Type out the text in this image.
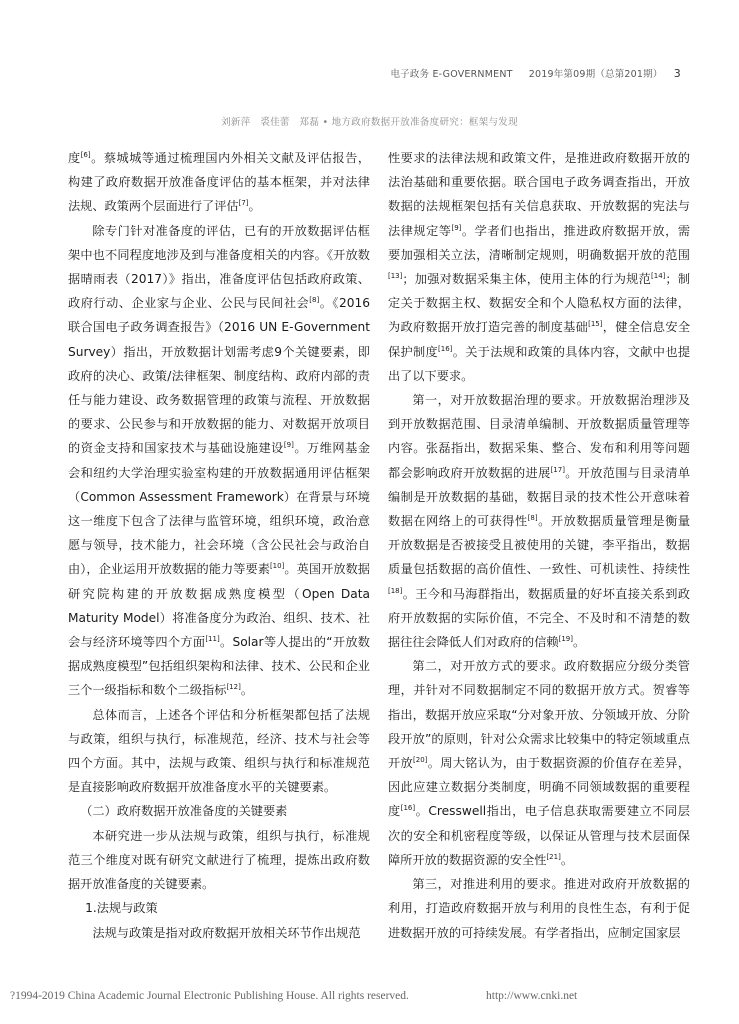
电子政务 E-GOVERNMENT 2019年第09期（总第201期） 3
刘新萍　裘佳蕾　郑磊 • 地方政府数据开放准备度研究：框架与发现

度[6]。蔡城城等通过梳理国内外相关文献及评估报告，构建了政府数据开放准备度评估的基本框架，并对法律法规、政策两个层面进行了评估[7]。

除专门针对准备度的评估，已有的开放数据评估框架中也不同程度地涉及到与准备度相关的内容。《开放数据晴雨表（2017）》指出，准备度评估包括政府政策、政府行动、企业家与企业、公民与民间社会[8]。《2016联合国电子政务调查报告》（2016 UN E-Government Survey）指出，开放数据计划需考虑9个关键要素，即政府的决心、政策/法律框架、制度结构、政府内部的责任与能力建设、政务数据管理的政策与流程、开放数据的要求、公民参与和开放数据的能力、对数据开放项目的资金支持和国家技术与基础设施建设[9]。万维网基金会和纽约大学治理实验室构建的开放数据通用评估框架（Common Assessment Framework）在背景与环境这一维度下包含了法律与监管环境，组织环境，政治意愿与领导，技术能力，社会环境（含公民社会与政治自由），企业运用开放数据的能力等要素[10]。英国开放数据研究院构建的开放数据成熟度模型（Open Data Maturity Model）将准备度分为政治、组织、技术、社会与经济环境等四个方面[11]。Solar等人提出的“开放数据成熟度模型”包括组织架构和法律、技术、公民和企业三个一级指标和数个二级指标[12]。

总体而言，上述各个评估和分析框架都包括了法规与政策，组织与执行，标准规范，经济、技术与社会等四个方面。其中，法规与政策、组织与执行和标准规范是直接影响政府数据开放准备度水平的关键要素。

（二）政府数据开放准备度的关键要素

本研究进一步从法规与政策，组织与执行，标准规范三个维度对既有研究文献进行了梳理，提炼出政府数据开放准备度的关键要素。

1.法规与政策

法规与政策是指对政府数据开放相关环节作出规范

性要求的法律法规和政策文件，是推进政府数据开放的法治基础和重要依据。联合国电子政务调查指出，开放数据的法规框架包括有关信息获取、开放数据的宪法与法律规定等[9]。学者们也指出，推进政府数据开放，需要加强相关立法，清晰制定规则，明确数据开放的范围[13]；加强对数据采集主体，使用主体的行为规范[14]；制定关于数据主权、数据安全和个人隐私权方面的法律，为政府数据开放打造完善的制度基础[15]，健全信息安全保护制度[16]。关于法规和政策的具体内容，文献中也提出了以下要求。

第一，对开放数据治理的要求。开放数据治理涉及到开放数据范围、目录清单编制、开放数据质量管理等内容。张磊指出，数据采集、整合、发布和利用等问题都会影响政府开放数据的进展[17]。开放范围与目录清单编制是开放数据的基础，数据目录的技术性公开意味着数据在网络上的可获得性[8]。开放数据质量管理是衡量开放数据是否被接受且被使用的关键，李平指出，数据质量包括数据的高价值性、一致性、可机读性、持续性[18]。王今和马海群指出，数据质量的好坏直接关系到政府开放数据的实际价值，不完全、不及时和不清楚的数据往往会降低人们对政府的信赖[19]。

第二，对开放方式的要求。政府数据应分级分类管理，并针对不同数据制定不同的数据开放方式。贺睿等指出，数据开放应采取“分对象开放、分领域开放、分阶段开放”的原则，针对公众需求比较集中的特定领域重点开放[20]。周大铭认为，由于数据资源的价值存在差异，因此应建立数据分类制度，明确不同领域数据的重要程度[16]。Cresswell指出，电子信息获取需要建立不同层次的安全和机密程度等级，以保证从管理与技术层面保障所开放的数据资源的安全性[21]。

第三，对推进利用的要求。推进对政府开放数据的利用，打造政府数据开放与利用的良性生态，有利于促进数据开放的可持续发展。有学者指出，应制定国家层

?1994-2019 China Academic Journal Electronic Publishing House. All rights reserved.	http://www.cnki.net
